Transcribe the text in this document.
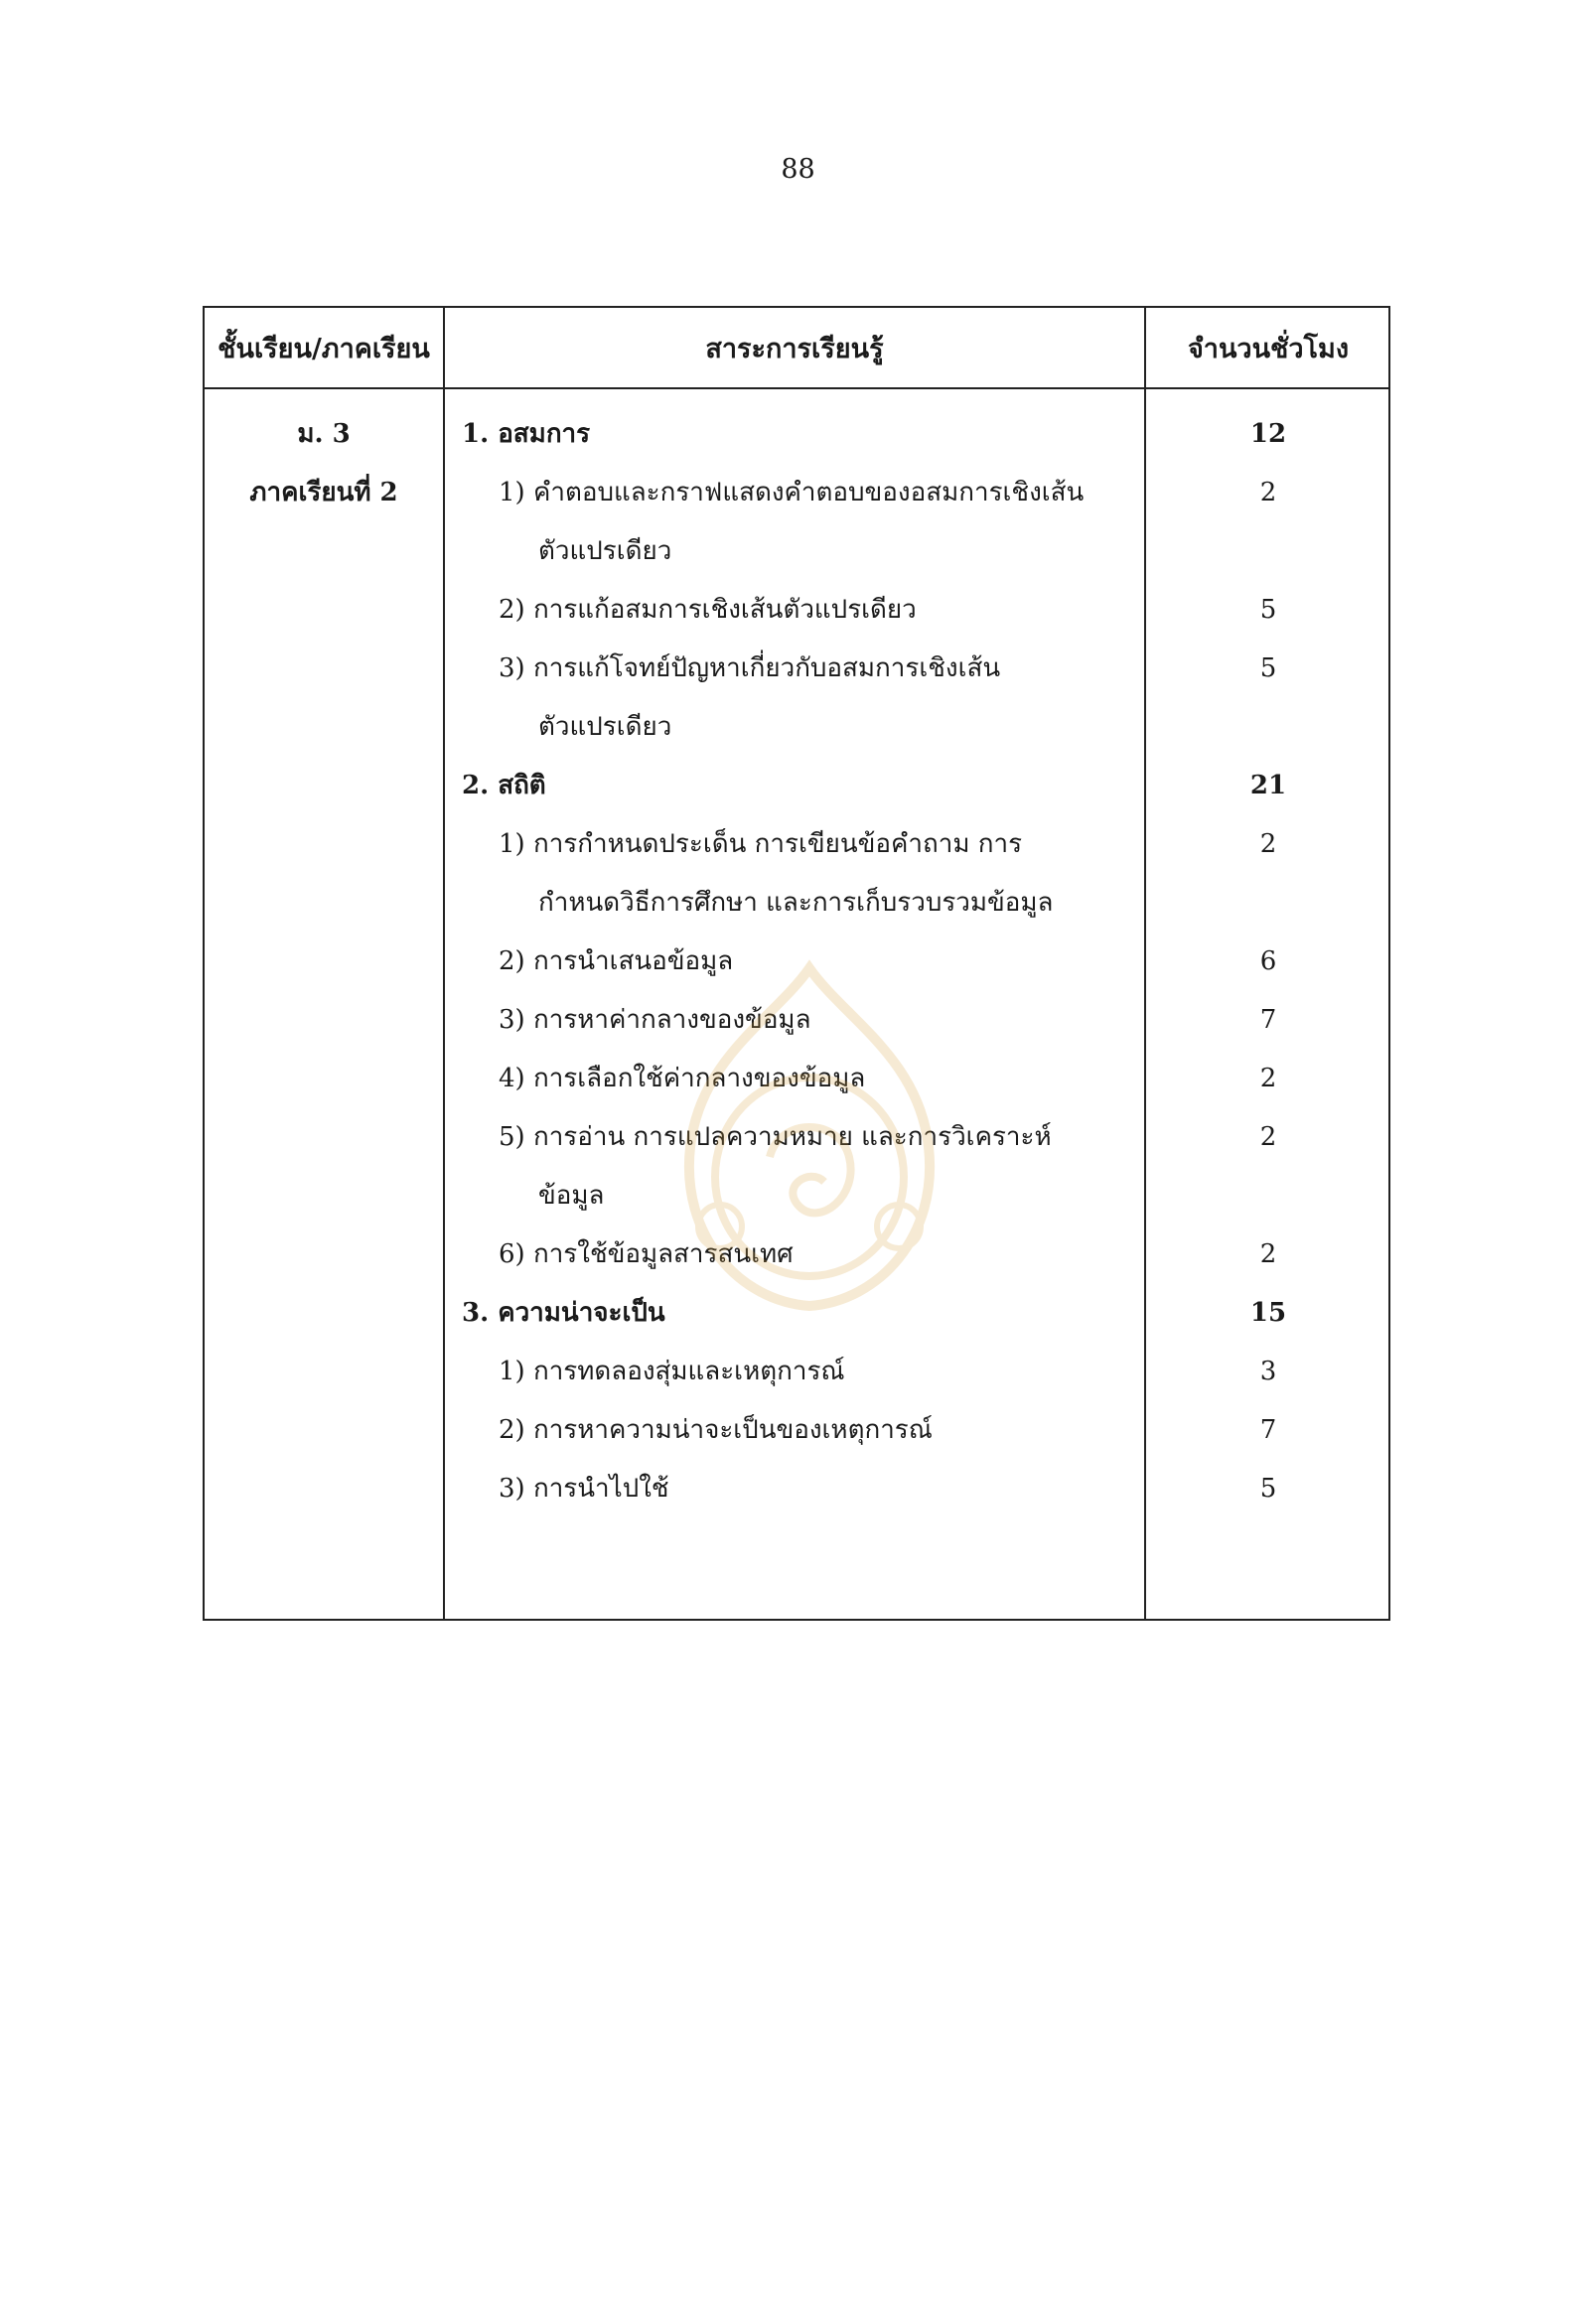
88
ชั้นเรียน/ภาคเรียน	สาระการเรียนรู้	จำนวนชั่วโมง
ม. 3
ภาคเรียนที่ 2
1. อสมการ
1) คำตอบและกราฟแสดงคำตอบของอสมการเชิงเส้น
ตัวแปรเดียว
2) การแก้อสมการเชิงเส้นตัวแปรเดียว
3) การแก้โจทย์ปัญหาเกี่ยวกับอสมการเชิงเส้น
ตัวแปรเดียว
2. สถิติ
1) การกำหนดประเด็น การเขียนข้อคำถาม การ
กำหนดวิธีการศึกษา และการเก็บรวบรวมข้อมูล
2) การนำเสนอข้อมูล
3) การหาค่ากลางของข้อมูล
4) การเลือกใช้ค่ากลางของข้อมูล
5) การอ่าน การแปลความหมาย และการวิเคราะห์
ข้อมูล
6) การใช้ข้อมูลสารสนเทศ
3. ความน่าจะเป็น
1) การทดลองสุ่มและเหตุการณ์
2) การหาความน่าจะเป็นของเหตุการณ์
3) การนำไปใช้
12
2
5
5
21
2
6
7
2
2
2
15
3
7
5
